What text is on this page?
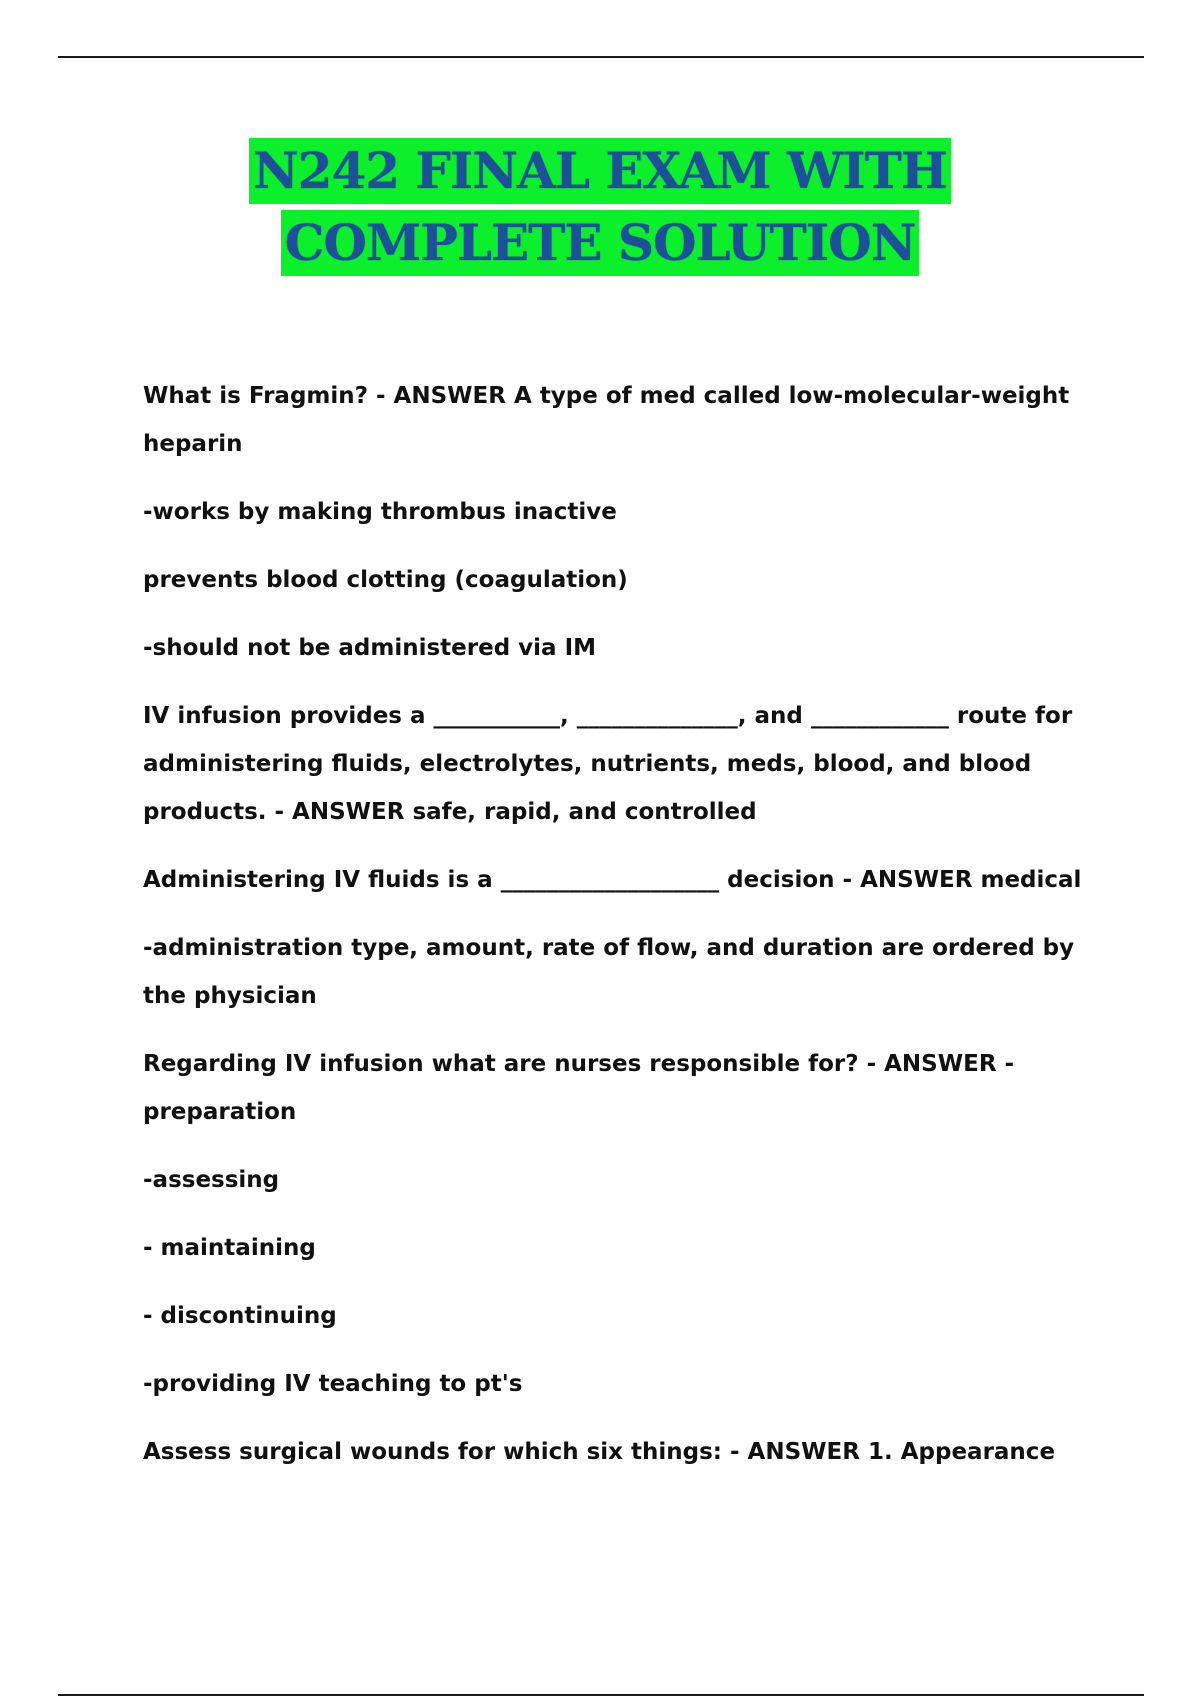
N242 FINAL EXAM WITH
COMPLETE SOLUTION

What is Fragmin? - ANSWER A type of med called low-molecular-weight heparin

-works by making thrombus inactive

prevents blood clotting (coagulation)

-should not be administered via IM

IV infusion provides a ___________, ______________, and ____________ route for administering fluids, electrolytes, nutrients, meds, blood, and blood products. - ANSWER safe, rapid, and controlled

Administering IV fluids is a ___________________ decision - ANSWER medical

-administration type, amount, rate of flow, and duration are ordered by the physician

Regarding IV infusion what are nurses responsible for? - ANSWER -preparation

-assessing

- maintaining

- discontinuing

-providing IV teaching to pt's

Assess surgical wounds for which six things: - ANSWER 1. Appearance
